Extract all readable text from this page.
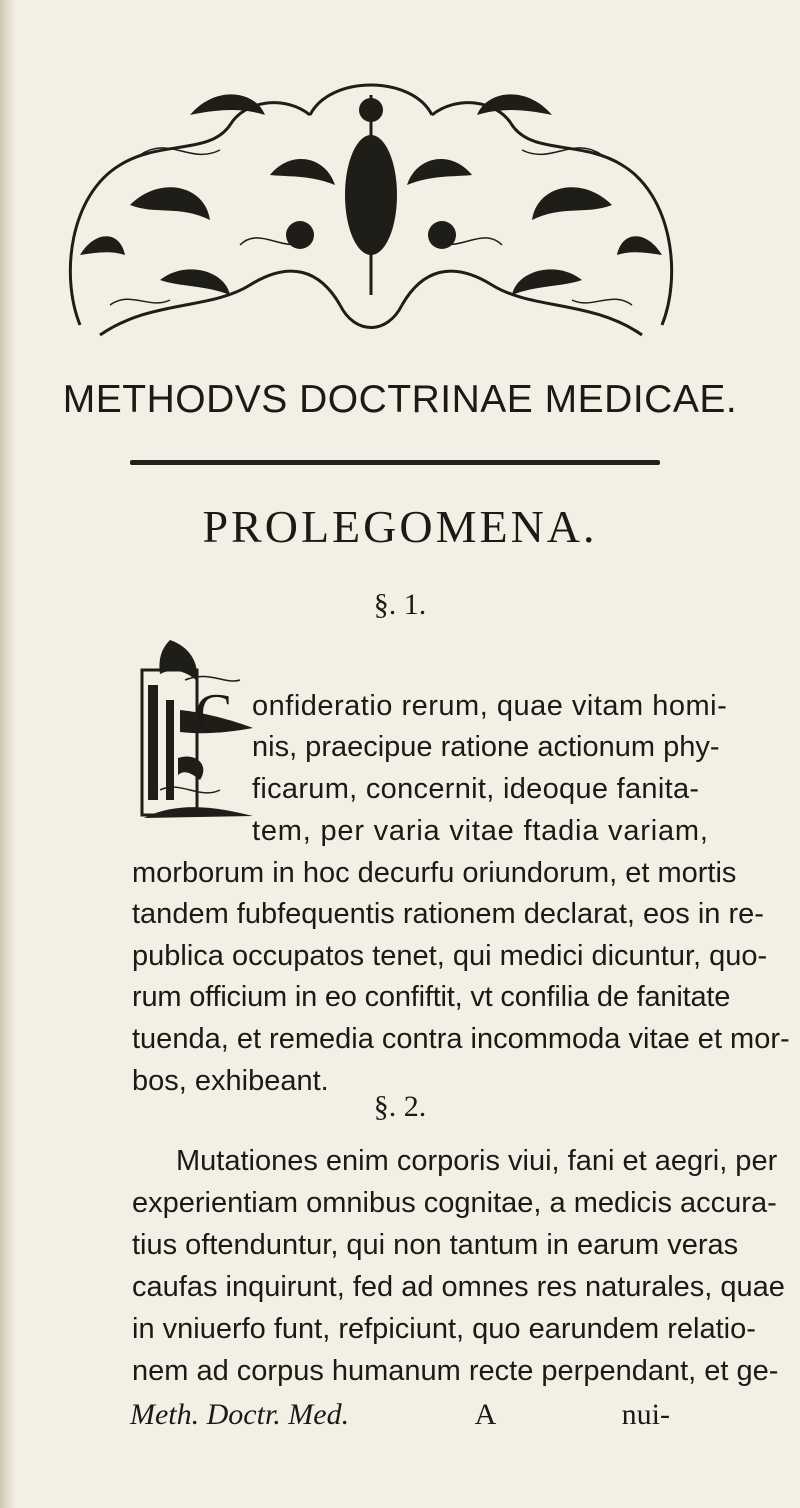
METHODVS DOCTRINAE MEDICAE.
PROLEGOMENA.

§. 1.

C onfideratio rerum, quae vitam homi-

nis, praecipue ratione actionum phy-

ficarum, concernit, ideoque fanita-

tem, per varia vitae ftadia variam,

morborum in hoc decurfu oriundorum, et mortis

tandem fubfequentis rationem declarat, eos in re-

publica occupatos tenet, qui medici dicuntur, quo-

rum officium in eo confiftit, vt confilia de fanitate

tuenda, et remedia contra incommoda vitae et mor-

bos, exhibeant.

§. 2.

Mutationes enim corporis viui, fani et aegri, per

experientiam omnibus cognitae, a medicis accura-

tius oftenduntur, qui non tantum in earum veras

caufas inquirunt, fed ad omnes res naturales, quae

in vniuerfo funt, refpiciunt, quo earundem relatio-

nem ad corpus humanum recte perpendant, et ge-

Meth. Doctr. Med.	A	nui-
